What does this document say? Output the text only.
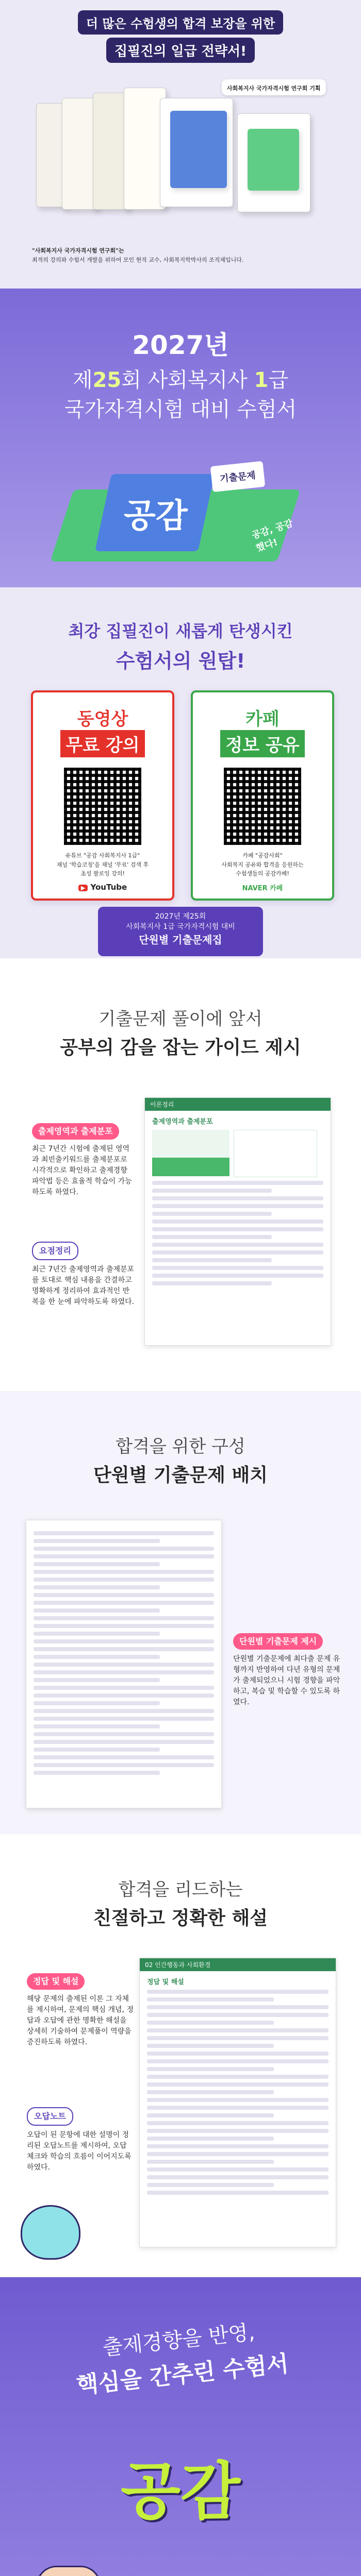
더 많은 수험생의 합격 보장을 위한
집필진의 일급 전략서!
사회복지사 국가자격시험 연구회 기획
"사회복지사 국가자격시험 연구회"는
최적의 강의와 수험서 개발을 위하여 모인 현직 교수, 사회복지학박사의 조직체입니다.
2027년
제25회 사회복지사 1급
국가자격시험 대비 수험서
공감
기출문제
공감, 공감했다!
최강 집필진이 새롭게 탄생시킨
수험서의 원탑!
동영상
무료 강의
유튜브 "공감 사회복지사 1급"
채널 '학습코칭'을 채널 '무료' 검색 후
초성 팔로잉 강의!
▶ YouTube
카페
정보 공유
카페 "공감사회"
사회복지 공유와 합격을 응원하는
수험생들의 공감카페!
NAVER 카페
2027년 제25회
사회복지사 1급 국가자격시험 대비
단원별 기출문제집
기출문제 풀이에 앞서
공부의 감을 잡는 가이드 제시
이론정리
출제영역과 출제분포
출제영역과 출제분포
최근 7년간 시험에 출제된 영역과 최빈출키워드를 출제분포로 시각적으로 확인하고 출제경향 파악법 등은 효율적 학습이 가능하도록 하였다.
요점정리
최근 7년간 출제영역과 출제분포를 토대로 핵심 내용을 간결하고 명확하게 정리하여 효과적인 반복을 한 눈에 파악하도록 하였다.
합격을 위한 구성
단원별 기출문제 배치
단원별 기출문제 제시
단원별 기출문제에 최다출 문제 유형까지 반영하여 다년 유형의 문제가 출제되었으니 시험 경향을 파악하고, 복습 및 학습할 수 있도록 하였다.
합격을 리드하는
친절하고 정확한 해설
02 인간행동과 사회환경
정답 및 해설
정답 및 해설
해당 문제의 출제된 이론 그 자체를 제시하여, 문제의 핵심 개념, 정답과 오답에 관한 명확한 해설을 상세히 기술하여 문제풀이 역량을 증진하도록 하였다.
오답노트
오답이 된 문항에 대한 설명이 정리된 오답노트를 제시하여, 오답 체크와 학습의 흐름이 이어지도록 하였다.
출제경향을 반영,
핵심을 간추린 수험서
공감
